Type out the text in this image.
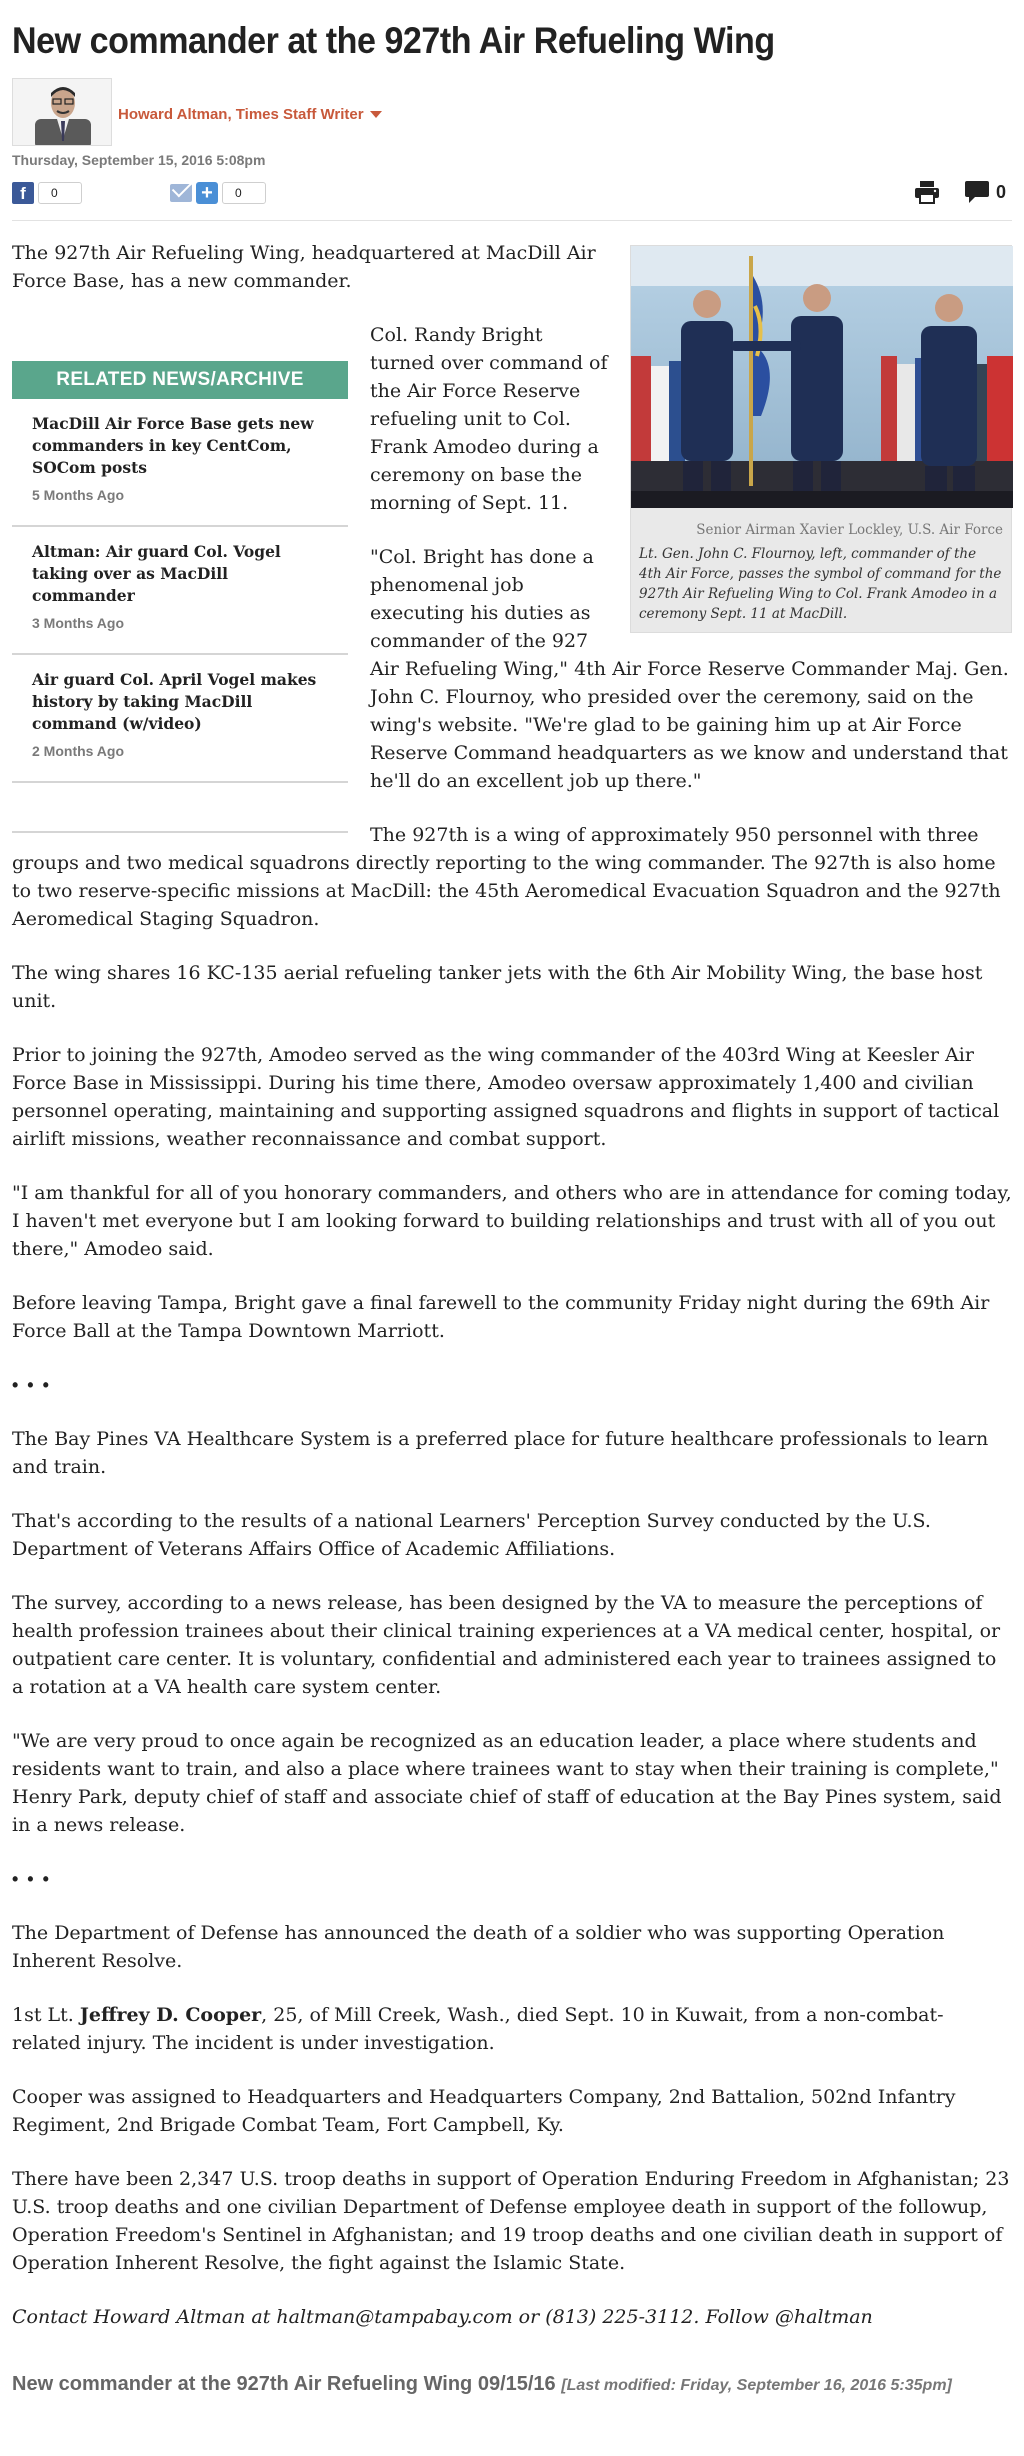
New commander at the 927th Air Refueling Wing
Howard Altman, Times Staff Writer
Thursday, September 15, 2016 5:08pm
f	0	+	0	0
Senior Airman Xavier Lockley, U.S. Air Force
Lt. Gen. John C. Flournoy, left, commander of the 4th Air Force, passes the symbol of command for the 927th Air Refueling Wing to Col. Frank Amodeo in a ceremony Sept. 11 at MacDill.

The 927th Air Refueling Wing, headquartered at MacDill Air Force Base, has a new commander.

RELATED NEWS/ARCHIVE
MacDill Air Force Base gets new commanders in key CentCom, SOCom posts
5 Months Ago
Altman: Air guard Col. Vogel taking over as MacDill commander
3 Months Ago
Air guard Col. April Vogel makes history by taking MacDill command (w/video)
2 Months Ago

Col. Randy Bright turned over command of the Air Force Reserve refueling unit to Col. Frank Amodeo during a ceremony on base the morning of Sept. 11.

"Col. Bright has done a phenomenal job executing his duties as commander of the 927 Air Refueling Wing," 4th Air Force Reserve Commander Maj. Gen. John C. Flournoy, who presided over the ceremony, said on the wing's website. "We're glad to be gaining him up at Air Force Reserve Command headquarters as we know and understand that he'll do an excellent job up there."

The 927th is a wing of approximately 950 personnel with three groups and two medical squadrons directly reporting to the wing commander. The 927th is also home to two reserve-specific missions at MacDill: the 45th Aeromedical Evacuation Squadron and the 927th Aeromedical Staging Squadron.

The wing shares 16 KC-135 aerial refueling tanker jets with the 6th Air Mobility Wing, the base host unit.

Prior to joining the 927th, Amodeo served as the wing commander of the 403rd Wing at Keesler Air Force Base in Mississippi. During his time there, Amodeo oversaw approximately 1,400 and civilian personnel operating, maintaining and supporting assigned squadrons and flights in support of tactical airlift missions, weather reconnaissance and combat support.

"I am thankful for all of you honorary commanders, and others who are in attendance for coming today, I haven't met everyone but I am looking forward to building relationships and trust with all of you out there," Amodeo said.

Before leaving Tampa, Bright gave a final farewell to the community Friday night during the 69th Air Force Ball at the Tampa Downtown Marriott.

• • •

The Bay Pines VA Healthcare System is a preferred place for future healthcare professionals to learn and train.

That's according to the results of a national Learners' Perception Survey conducted by the U.S. Department of Veterans Affairs Office of Academic Affiliations.

The survey, according to a news release, has been designed by the VA to measure the perceptions of health profession trainees about their clinical training experiences at a VA medical center, hospital, or outpatient care center. It is voluntary, confidential and administered each year to trainees assigned to a rotation at a VA health care system center.

"We are very proud to once again be recognized as an education leader, a place where students and residents want to train, and also a place where trainees want to stay when their training is complete," Henry Park, deputy chief of staff and associate chief of staff of education at the Bay Pines system, said in a news release.

• • •

The Department of Defense has announced the death of a soldier who was supporting Operation Inherent Resolve.

1st Lt. Jeffrey D. Cooper, 25, of Mill Creek, Wash., died Sept. 10 in Kuwait, from a non-combat-related injury. The incident is under investigation.

Cooper was assigned to Headquarters and Headquarters Company, 2nd Battalion, 502nd Infantry Regiment, 2nd Brigade Combat Team, Fort Campbell, Ky.

There have been 2,347 U.S. troop deaths in support of Operation Enduring Freedom in Afghanistan; 23 U.S. troop deaths and one civilian Department of Defense employee death in support of the followup, Operation Freedom's Sentinel in Afghanistan; and 19 troop deaths and one civilian death in support of Operation Inherent Resolve, the fight against the Islamic State.

Contact Howard Altman at haltman@tampabay.com or (813) 225-3112. Follow @haltman

New commander at the 927th Air Refueling Wing 09/15/16 [Last modified: Friday, September 16, 2016 5:35pm]
